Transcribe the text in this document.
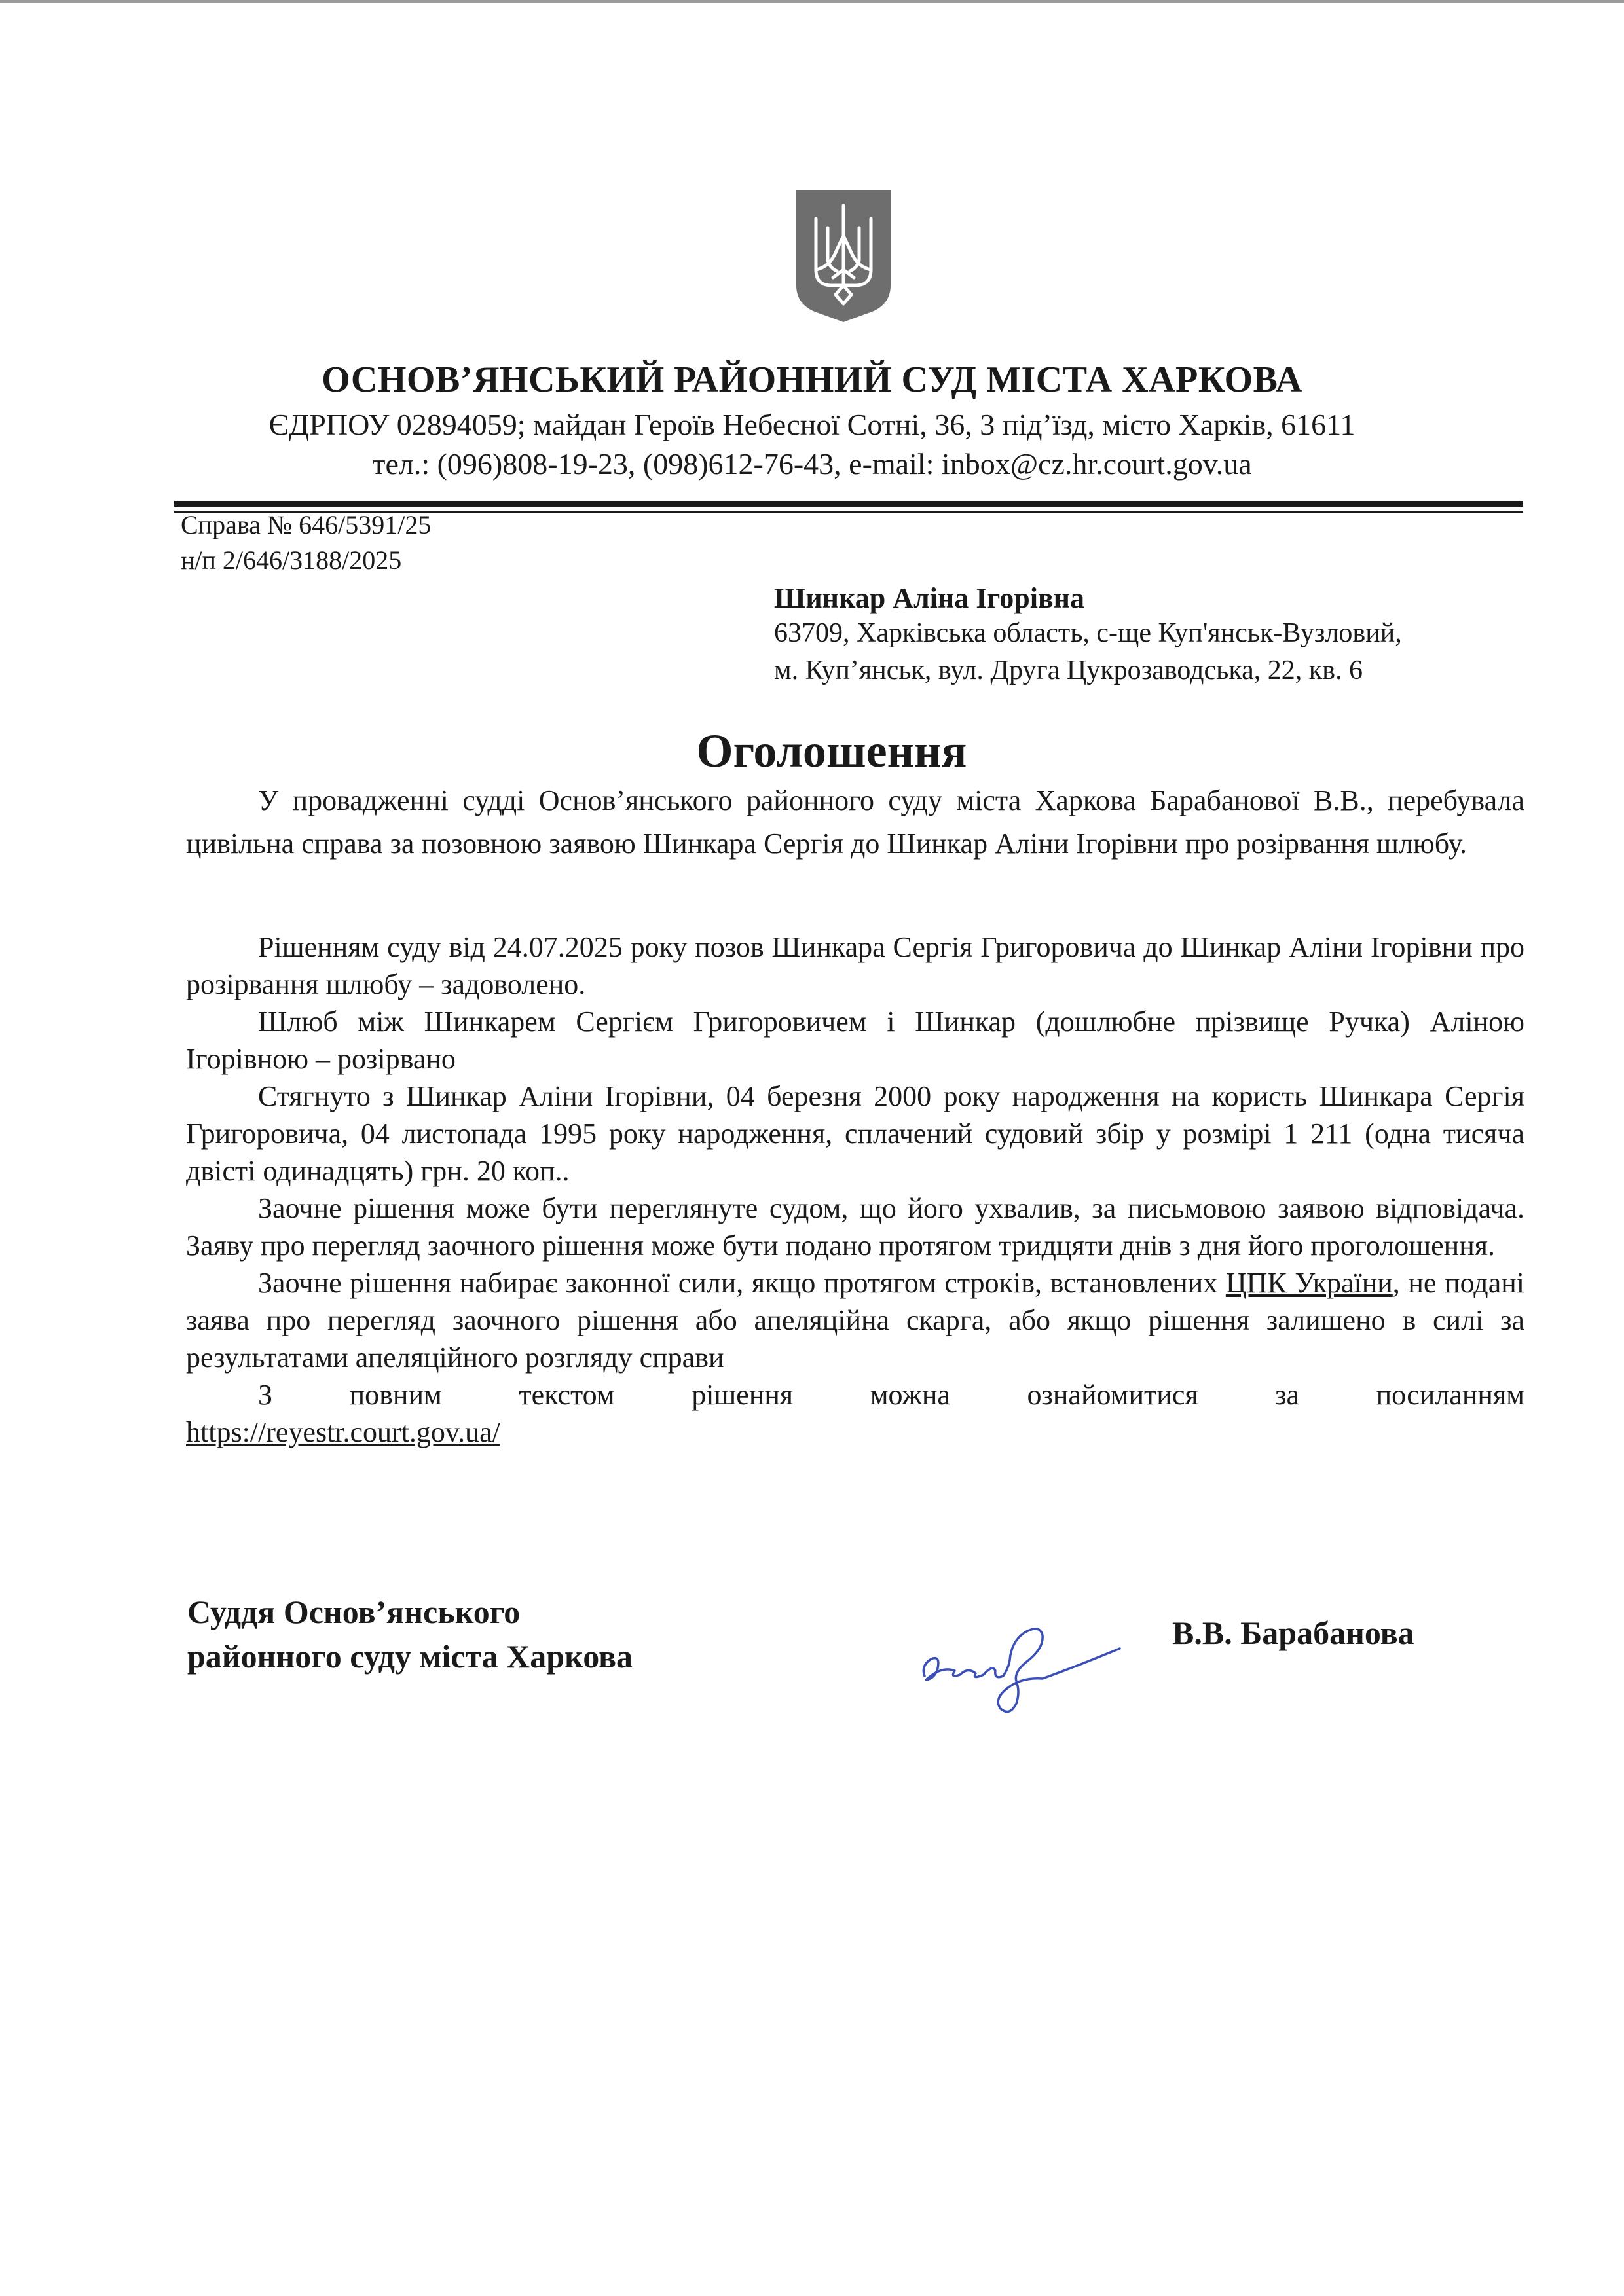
ОСНОВ’ЯНСЬКИЙ РАЙОННИЙ СУД МІСТА ХАРКОВА
ЄДРПОУ 02894059; майдан Героїв Небесної Сотні, 36, 3 під’їзд, місто Харків, 61611
тел.: (096)808-19-23, (098)612-76-43, e-mail: inbox@cz.hr.court.gov.ua
Справа № 646/5391/25
н/п 2/646/3188/2025
Шинкар Аліна Ігорівна
63709, Харківська область, с-ще Куп'янськ-Вузловий,
м. Куп’янськ, вул. Друга Цукрозаводська, 22, кв. 6
Оголошення

У провадженні судді Основ’янського районного суду міста Харкова Барабанової В.В., перебувала цивільна справа за позовною заявою Шинкара Сергія до Шинкар Аліни Ігорівни про розірвання шлюбу.

Рішенням суду від 24.07.2025 року позов Шинкара Сергія Григоровича до Шинкар Аліни Ігорівни про розірвання шлюбу – задоволено.

Шлюб між Шинкарем Сергієм Григоровичем і Шинкар (дошлюбне прізвище Ручка) Аліною Ігорівною – розірвано

Стягнуто з Шинкар Аліни Ігорівни, 04 березня 2000 року народження на користь Шинкара Сергія Григоровича, 04 листопада 1995 року народження, сплачений судовий збір у розмірі 1 211 (одна тисяча двісті одинадцять) грн. 20 коп..

Заочне рішення може бути переглянуте судом, що його ухвалив, за письмовою заявою відповідача. Заяву про перегляд заочного рішення може бути подано протягом тридцяти днів з дня його проголошення.

Заочне рішення набирає законної сили, якщо протягом строків, встановлених ЦПК України, не подані заява про перегляд заочного рішення або апеляційна скарга, або якщо рішення залишено в силі за результатами апеляційного розгляду справи

З повним текстом рішення можна ознайомитися за посиланням

https://reyestr.court.gov.ua/

Суддя Основ’янського
районного суду міста Харкова
В.В. Барабанова
